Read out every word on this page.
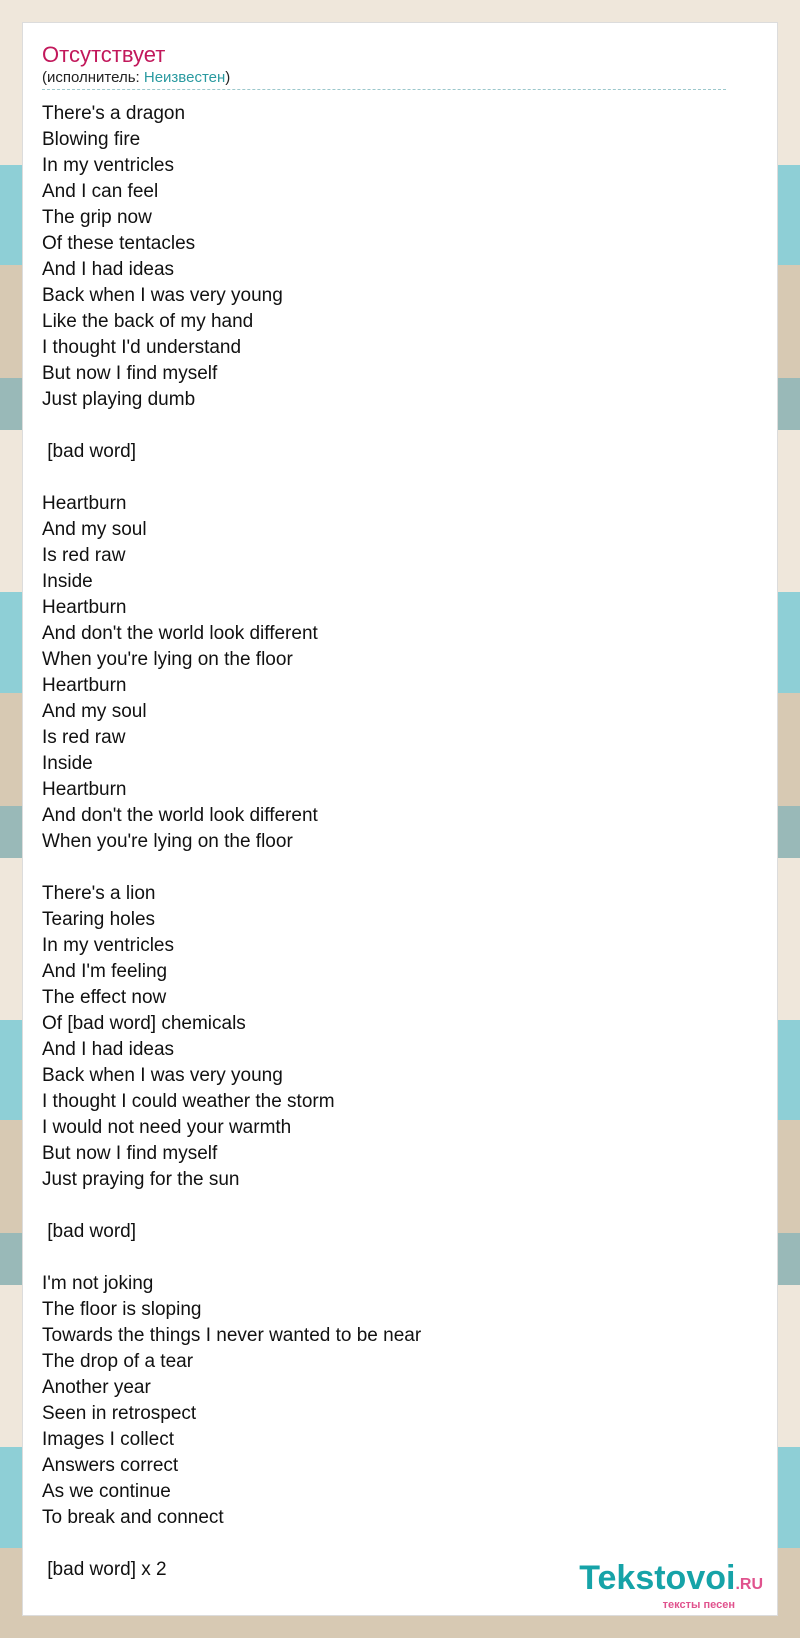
Отсутствует
(исполнитель: Неизвестен)
There's a dragon
Blowing fire
In my ventricles
And I can feel
The grip now
Of these tentacles
And I had ideas
Back when I was very young
Like the back of my hand
I thought I'd understand
But now I find myself
Just playing dumb
[bad word]
Heartburn
And my soul
Is red raw
Inside
Heartburn
And don't the world look different
When you're lying on the floor
Heartburn
And my soul
Is red raw
Inside
Heartburn
And don't the world look different
When you're lying on the floor
There's a lion
Tearing holes
In my ventricles
And I'm feeling
The effect now
Of [bad word] chemicals
And I had ideas
Back when I was very young
I thought I could weather the storm
I would not need your warmth
But now I find myself
Just praying for the sun
[bad word]
I'm not joking
The floor is sloping
Towards the things I never wanted to be near
The drop of a tear
Another year
Seen in retrospect
Images I collect
Answers correct
As we continue
To break and connect
[bad word] x 2	Tekstovoi.RU
тексты песен
